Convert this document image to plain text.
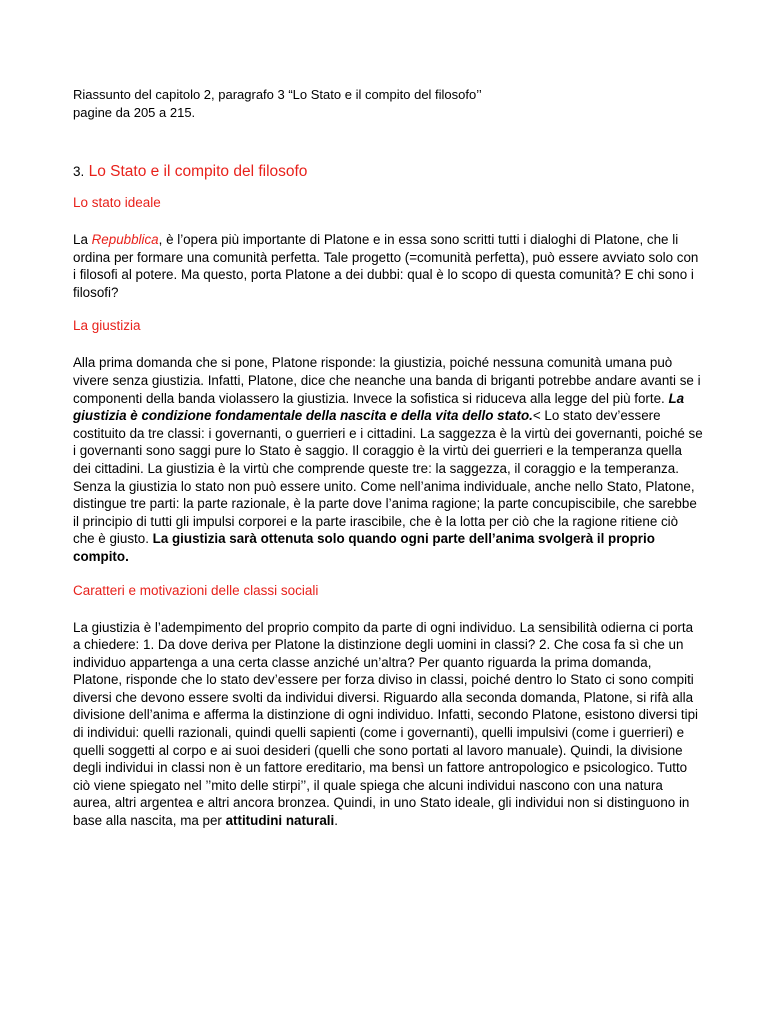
Riassunto del capitolo 2, paragrafo 3 “Lo Stato e il compito del filosofo’’
pagine da 205 a 215.

3. Lo Stato e il compito del filosofo
Lo stato ideale

La Repubblica, è l’opera più importante di Platone e in essa sono scritti tutti i dialoghi di Platone, che li ordina per formare una comunità perfetta. Tale progetto (=comunità perfetta), può essere avviato solo con i filosofi al potere. Ma questo, porta Platone a dei dubbi: qual è lo scopo di questa comunità? E chi sono i filosofi?

La giustizia

Alla prima domanda che si pone, Platone risponde: la giustizia, poiché nessuna comunità umana può vivere senza giustizia. Infatti, Platone, dice che neanche una banda di briganti potrebbe andare avanti se i componenti della banda violassero la giustizia. Invece la sofistica si riduceva alla legge del più forte. La giustizia è condizione fondamentale della nascita e della vita dello stato.< Lo stato dev’essere costituito da tre classi: i governanti, o guerrieri e i cittadini. La saggezza è la virtù dei governanti, poiché se i governanti sono saggi pure lo Stato è saggio. Il coraggio è la virtù dei guerrieri e la temperanza quella dei cittadini. La giustizia è la virtù che comprende queste tre: la saggezza, il coraggio e la temperanza. Senza la giustizia lo stato non può essere unito. Come nell’anima individuale, anche nello Stato, Platone, distingue tre parti: la parte razionale, è la parte dove l’anima ragione; la parte concupiscibile, che sarebbe il principio di tutti gli impulsi corporei e la parte irascibile, che è la lotta per ciò che la ragione ritiene ciò che è giusto. La giustizia sarà ottenuta solo quando ogni parte dell’anima svolgerà il proprio compito.

Caratteri e motivazioni delle classi sociali

La giustizia è l’adempimento del proprio compito da parte di ogni individuo. La sensibilità odierna ci porta a chiedere: 1. Da dove deriva per Platone la distinzione degli uomini in classi? 2. Che cosa fa sì che un individuo appartenga a una certa classe anziché un’altra? Per quanto riguarda la prima domanda, Platone, risponde che lo stato dev’essere per forza diviso in classi, poiché dentro lo Stato ci sono compiti diversi che devono essere svolti da individui diversi. Riguardo alla seconda domanda, Platone, si rifà alla divisione dell’anima e afferma la distinzione di ogni individuo. Infatti, secondo Platone, esistono diversi tipi di individui: quelli razionali, quindi quelli sapienti (come i governanti), quelli impulsivi (come i guerrieri) e quelli soggetti al corpo e ai suoi desideri (quelli che sono portati al lavoro manuale). Quindi, la divisione degli individui in classi non è un fattore ereditario, ma bensì un fattore antropologico e psicologico. Tutto ciò viene spiegato nel ’’mito delle stirpi’’, il quale spiega che alcuni individui nascono con una natura aurea, altri argentea e altri ancora bronzea. Quindi, in uno Stato ideale, gli individui non si distinguono in base alla nascita, ma per attitudini naturali.
